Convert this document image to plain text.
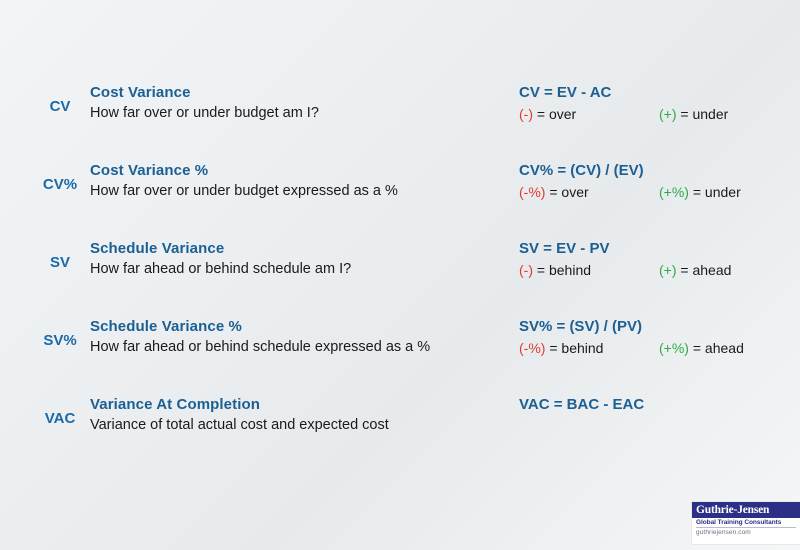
CV
Cost Variance
How far over or under budget am I?
CV = EV - AC
(-) = over	(+) = under
CV%
Cost Variance %
How far over or under budget expressed as a %
CV% = (CV) / (EV)
(-%) = over	(+%) = under
SV
Schedule Variance
How far ahead or behind schedule am I?
SV = EV - PV
(-) = behind	(+) = ahead
SV%
Schedule Variance %
How far ahead or behind schedule expressed as a %
SV% = (SV) / (PV)
(-%) = behind	(+%) = ahead
VAC
Variance At Completion
Variance of total actual cost and expected cost
VAC = BAC - EAC
Guthrie-Jensen
Global Training Consultants
guthriejensen.com
